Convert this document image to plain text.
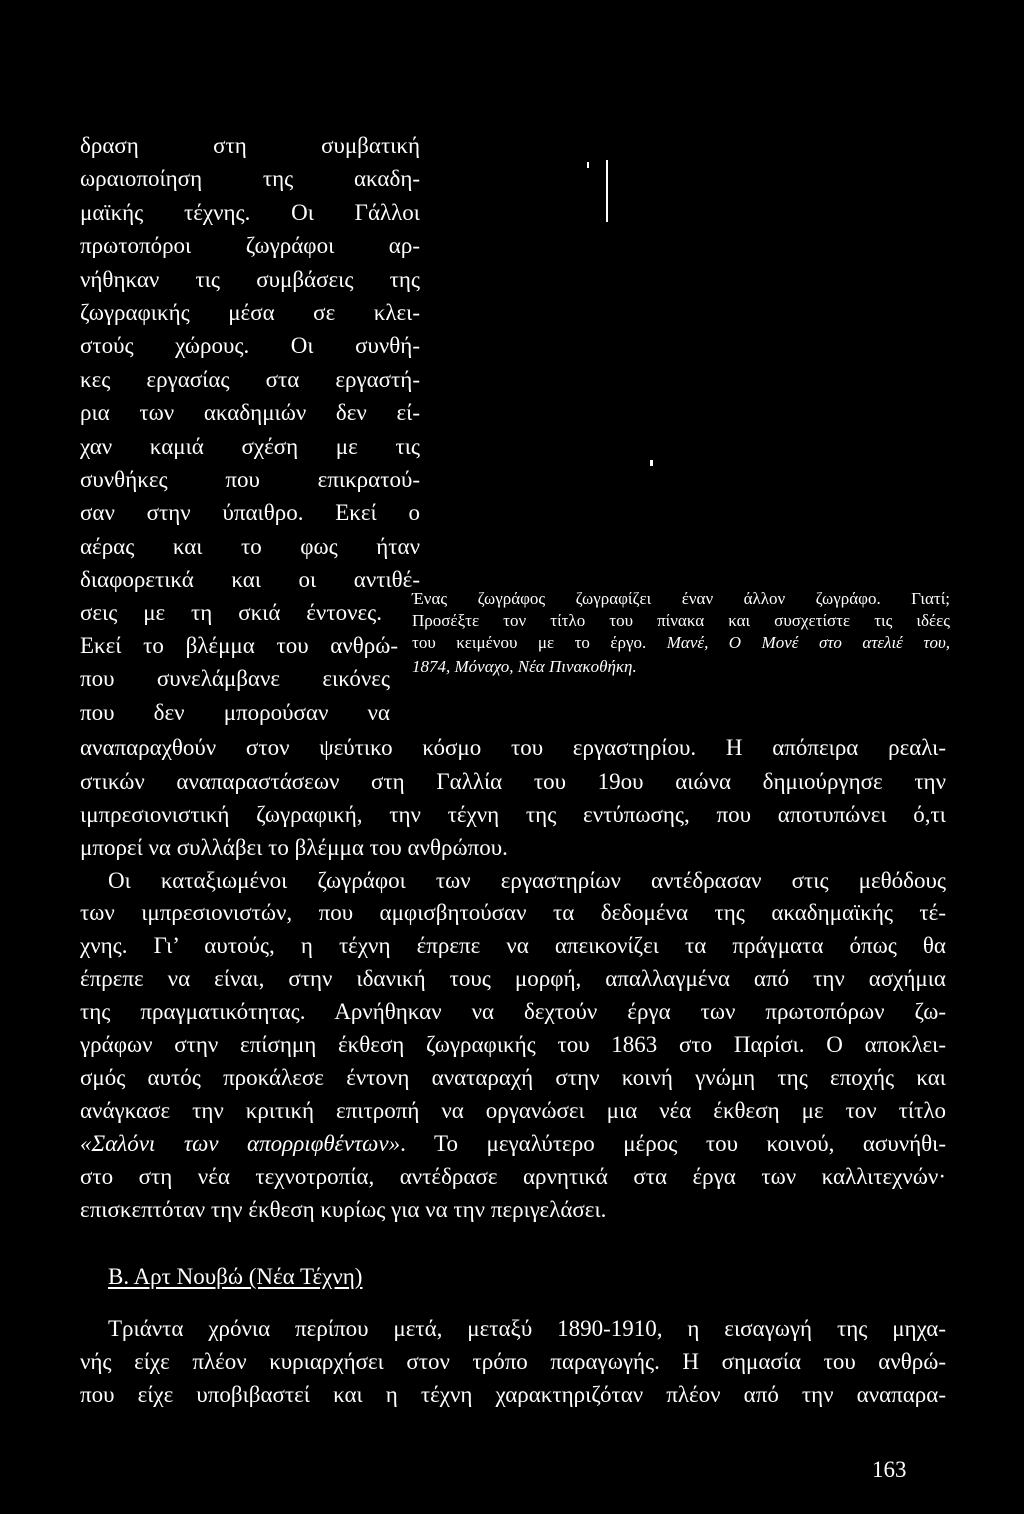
δραση στη συμβατική
ωραιοποίηση της ακαδη-
μαϊκής τέχνης. Οι Γάλλοι
πρωτοπόροι ζωγράφοι αρ-
νήθηκαν τις συμβάσεις της
ζωγραφικής μέσα σε κλει-
στούς χώρους. Οι συνθή-
κες εργασίας στα εργαστή-
ρια των ακαδημιών δεν εί-
χαν καμιά σχέση με τις
συνθήκες που επικρατού-
σαν στην ύπαιθρο. Εκεί ο
αέρας και το φως ήταν
διαφορετικά και οι αντιθέ-
σεις με τη σκιά έντονες.
Εκεί το βλέμμα του ανθρώ-
που συνελάμβανε εικόνες
που δεν μπορούσαν να
Ένας ζωγράφος ζωγραφίζει έναν άλλον ζωγράφο. Γιατί;
Προσέξτε τον τίτλο του πίνακα και συσχετίστε τις ιδέες
του κειμένου με το έργο. Μανέ, Ο Μονέ στο ατελιέ του,
1874, Μόναχο, Νέα Πινακοθήκη.
αναπαραχθούν στον ψεύτικο κόσμο του εργαστηρίου. Η απόπειρα ρεαλι-
στικών αναπαραστάσεων στη Γαλλία του 19ου αιώνα δημιούργησε την
ιμπρεσιονιστική ζωγραφική, την τέχνη της εντύπωσης, που αποτυπώνει ό,τι
μπορεί να συλλάβει το βλέμμα του ανθρώπου.
Οι καταξιωμένοι ζωγράφοι των εργαστηρίων αντέδρασαν στις μεθόδους
των ιμπρεσιονιστών, που αμφισβητούσαν τα δεδομένα της ακαδημαϊκής τέ-
χνης. Γι’ αυτούς, η τέχνη έπρεπε να απεικονίζει τα πράγματα όπως θα
έπρεπε να είναι, στην ιδανική τους μορφή, απαλλαγμένα από την ασχήμια
της πραγματικότητας. Αρνήθηκαν να δεχτούν έργα των πρωτοπόρων ζω-
γράφων στην επίσημη έκθεση ζωγραφικής του 1863 στο Παρίσι. Ο αποκλει-
σμός αυτός προκάλεσε έντονη αναταραχή στην κοινή γνώμη της εποχής και
ανάγκασε την κριτική επιτροπή να οργανώσει μια νέα έκθεση με τον τίτλο
«Σαλόνι των απορριφθέντων». Το μεγαλύτερο μέρος του κοινού, ασυνήθι-
στο στη νέα τεχνοτροπία, αντέδρασε αρνητικά στα έργα των καλλιτεχνών·
επισκεπτόταν την έκθεση κυρίως για να την περιγελάσει.
Β. Αρτ Νουβώ (Νέα Τέχνη)
Τριάντα χρόνια περίπου μετά, μεταξύ 1890-1910, η εισαγωγή της μηχα-
νής είχε πλέον κυριαρχήσει στον τρόπο παραγωγής. Η σημασία του ανθρώ-
που είχε υποβιβαστεί και η τέχνη χαρακτηριζόταν πλέον από την αναπαρα-
163
